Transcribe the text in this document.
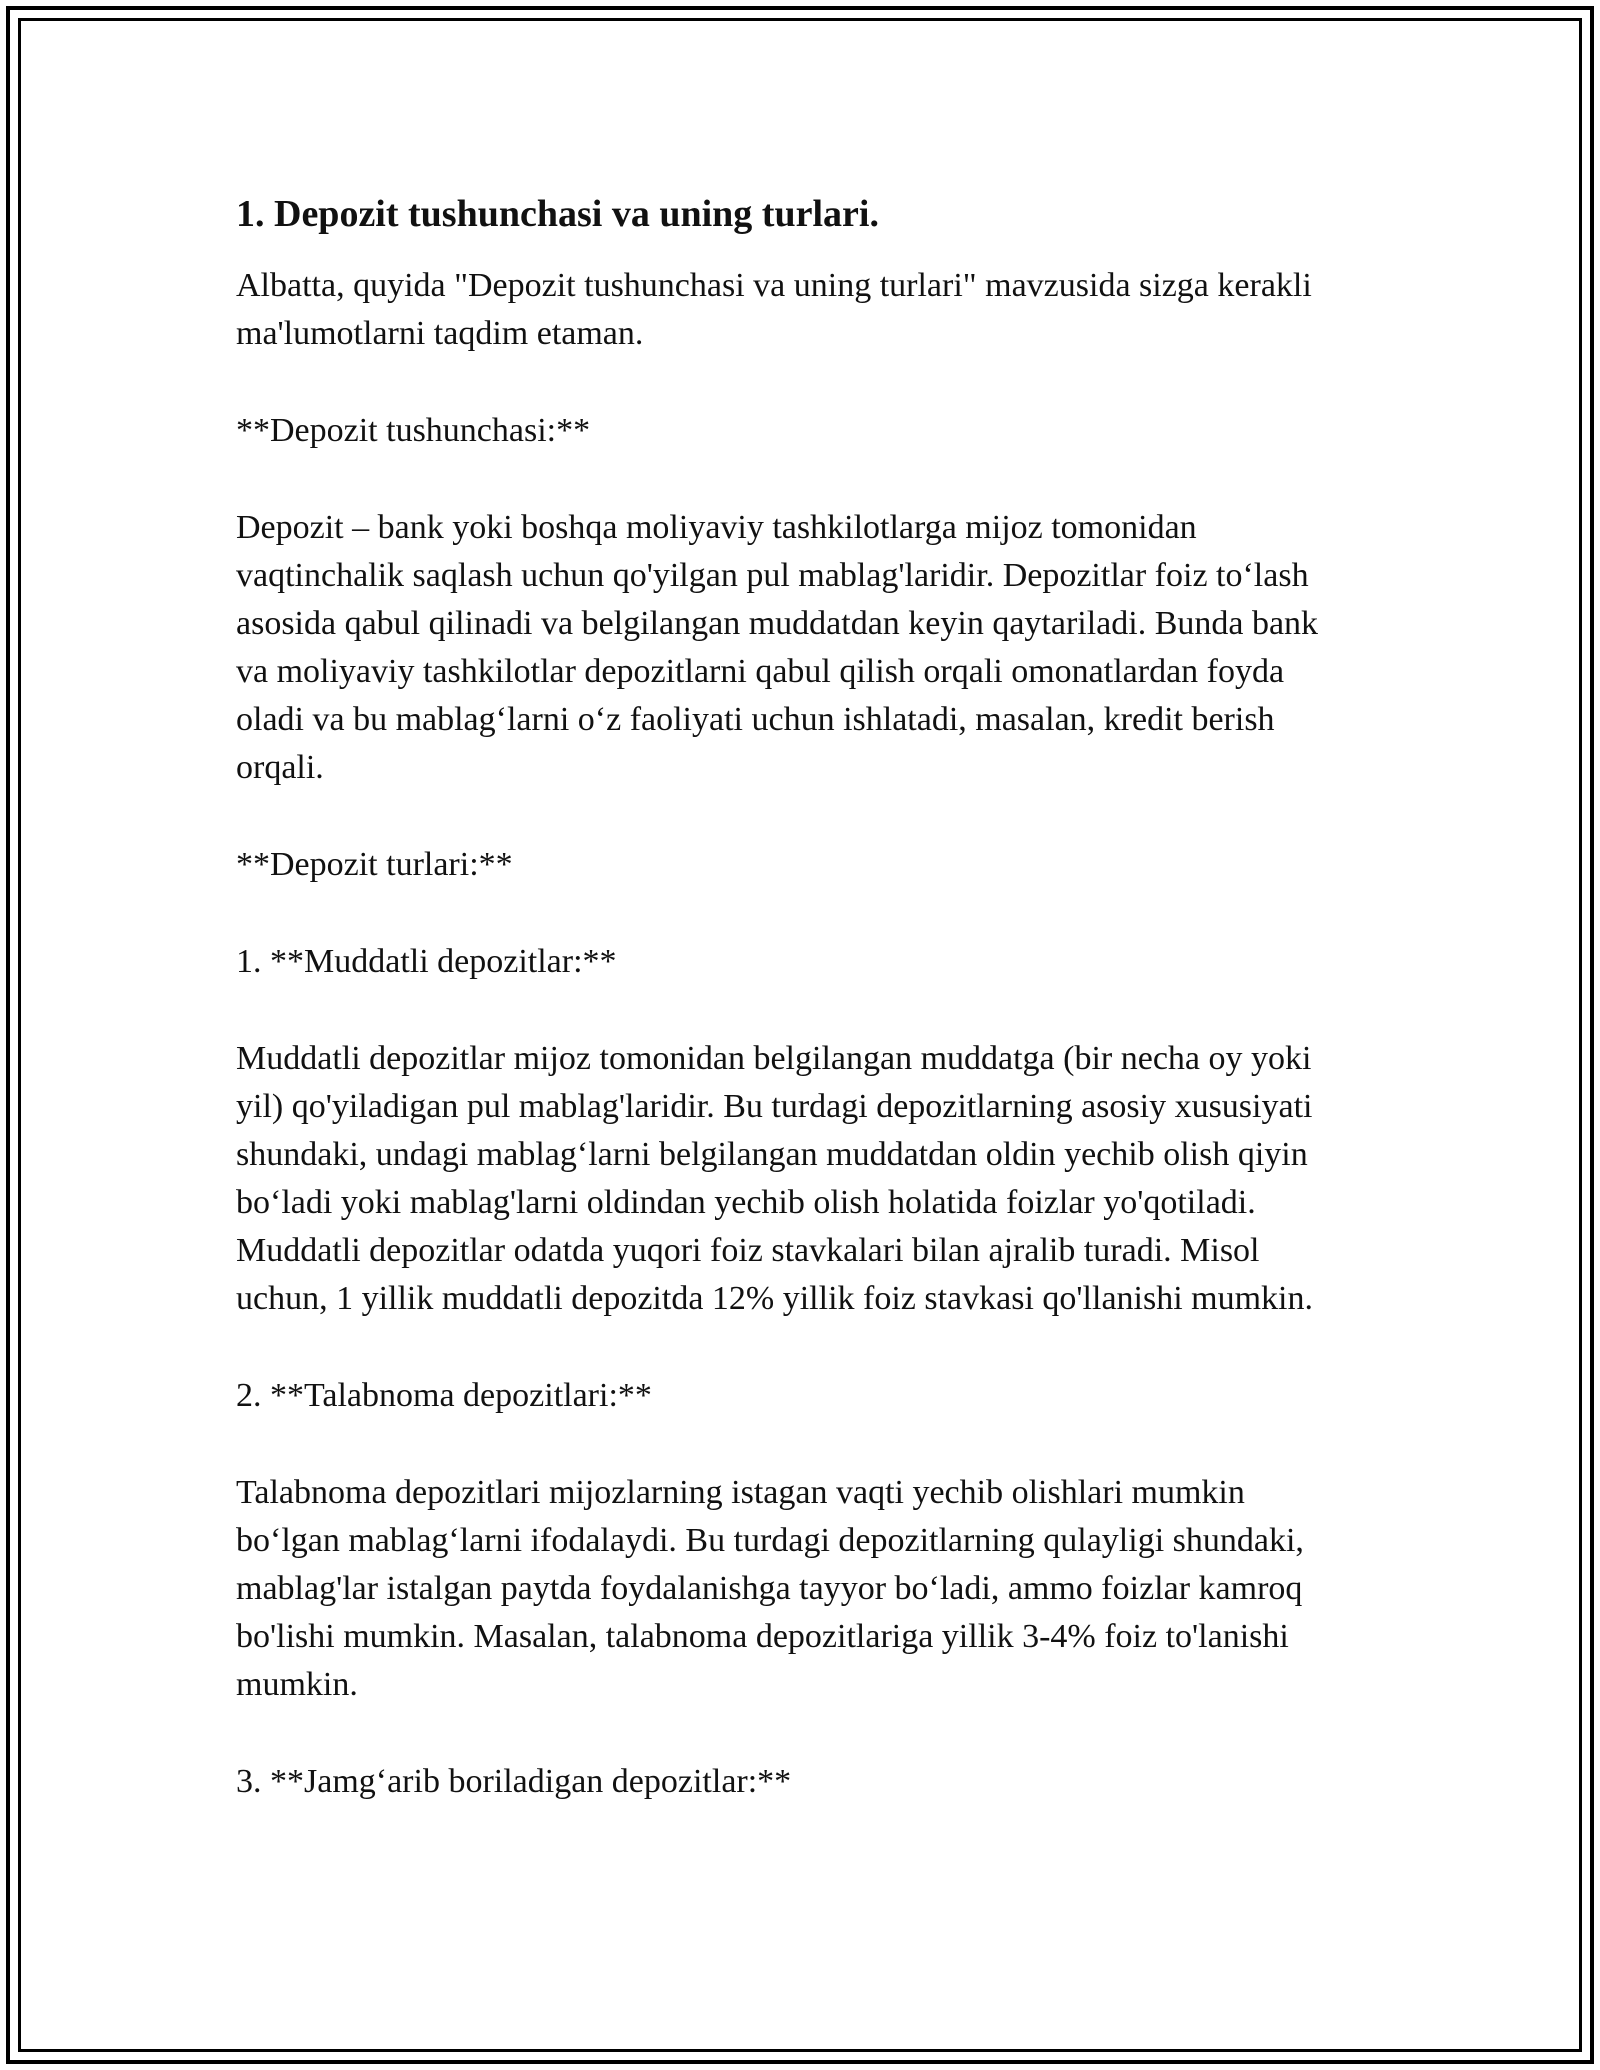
1. Depozit tushunchasi va uning turlari.

Albatta, quyida "Depozit tushunchasi va uning turlari" mavzusida sizga kerakli ma'lumotlarni taqdim etaman.

**Depozit tushunchasi:**

Depozit – bank yoki boshqa moliyaviy tashkilotlarga mijoz tomonidan vaqtinchalik saqlash uchun qo'yilgan pul mablag'laridir. Depozitlar foiz to‘lash asosida qabul qilinadi va belgilangan muddatdan keyin qaytariladi. Bunda bank va moliyaviy tashkilotlar depozitlarni qabul qilish orqali omonatlardan foyda oladi va bu mablag‘larni o‘z faoliyati uchun ishlatadi, masalan, kredit berish orqali.

**Depozit turlari:**

1. **Muddatli depozitlar:**

Muddatli depozitlar mijoz tomonidan belgilangan muddatga (bir necha oy yoki yil) qo'yiladigan pul mablag'laridir. Bu turdagi depozitlarning asosiy xususiyati shundaki, undagi mablag‘larni belgilangan muddatdan oldin yechib olish qiyin bo‘ladi yoki mablag'larni oldindan yechib olish holatida foizlar yo'qotiladi. Muddatli depozitlar odatda yuqori foiz stavkalari bilan ajralib turadi. Misol uchun, 1 yillik muddatli depozitda 12% yillik foiz stavkasi qo'llanishi mumkin.

2. **Talabnoma depozitlari:**

Talabnoma depozitlari mijozlarning istagan vaqti yechib olishlari mumkin bo‘lgan mablag‘larni ifodalaydi. Bu turdagi depozitlarning qulayligi shundaki, mablag'lar istalgan paytda foydalanishga tayyor bo‘ladi, ammo foizlar kamroq bo'lishi mumkin. Masalan, talabnoma depozitlariga yillik 3-4% foiz to'lanishi mumkin.

3. **Jamg‘arib boriladigan depozitlar:**
